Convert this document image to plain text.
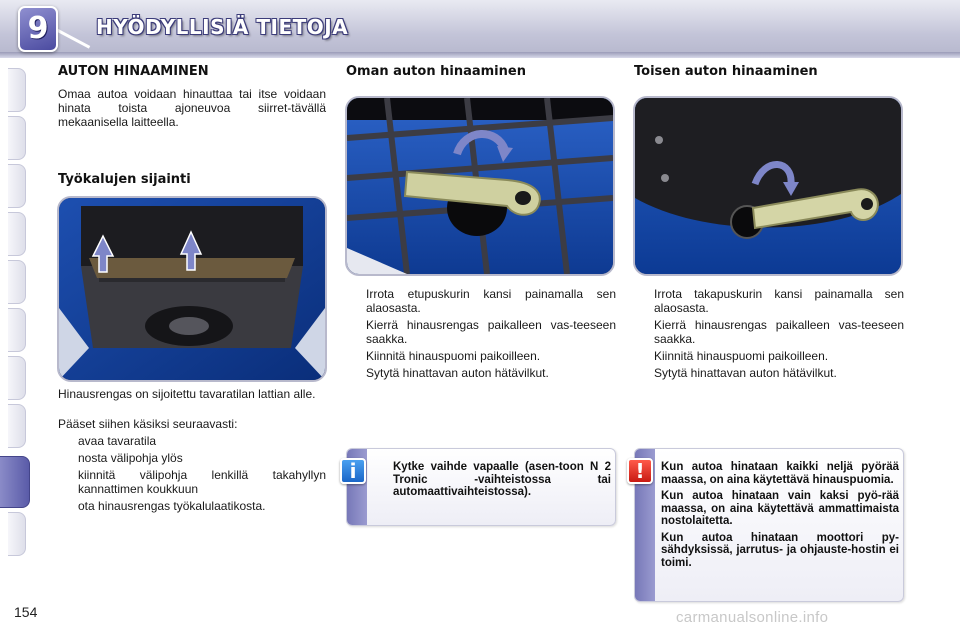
9	HYÖDYLLISIÄ TIETOJA
AUTON HINAAMINEN
Omaa autoa voidaan hinauttaa tai itse voidaan hinata toista ajoneuvoa siirret-tävällä mekaanisella laitteella.
Työkalujen sijainti
Hinausrengas on sijoitettu tavaratilan lattian alle.
Pääset siihen käsiksi seuraavasti:
avaa tavaratila
nosta välipohja ylös
kiinnitä välipohja lenkillä takahyllyn kannattimen koukkuun
ota hinausrengas työkalulaatikosta.
Oman auton hinaaminen
Irrota etupuskurin kansi painamalla sen alaosasta.
Kierrä hinausrengas paikalleen vas-teeseen saakka.
Kiinnitä hinauspuomi paikoilleen.
Sytytä hinattavan auton hätävilkut.
Kytke vaihde vapaalle (asen-toon N 2 Tronic -vaihteistossa tai automaattivaihteistossa).
i
Toisen auton hinaaminen
Irrota takapuskurin kansi painamalla sen alaosasta.
Kierrä hinausrengas paikalleen vas-teeseen saakka.
Kiinnitä hinauspuomi paikoilleen.
Sytytä hinattavan auton hätävilkut.

Kun autoa hinataan kaikki neljä pyörää maassa, on aina käytettävä hinauspuomia.

Kun autoa hinataan vain kaksi pyö-rää maassa, on aina käytettävä ammattimaista nostolaitetta.

Kun autoa hinataan moottori py-sähdyksissä, jarrutus- ja ohjauste-hostin ei toimi.

!
154	carmanualsonline.info
